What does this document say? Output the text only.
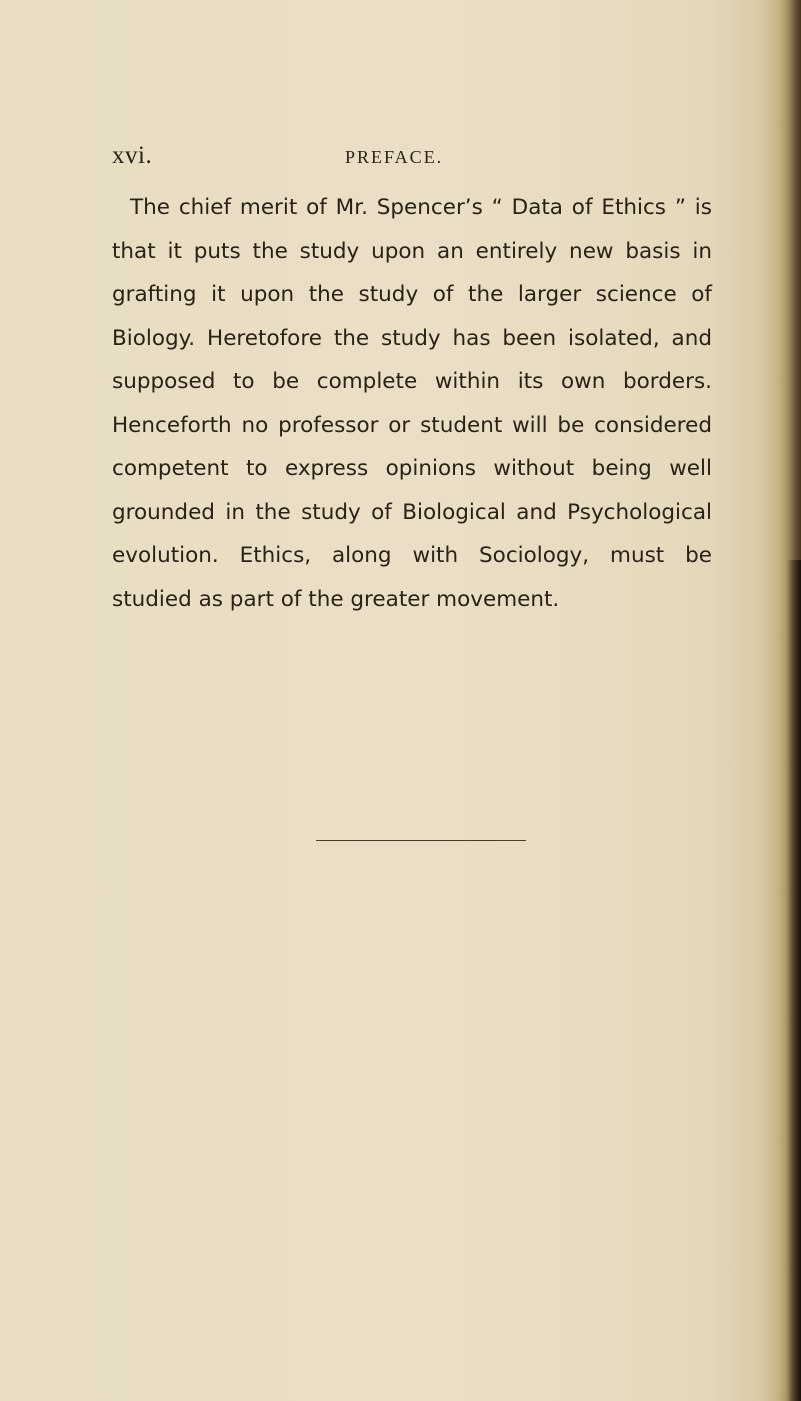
xvi.	PREFACE.

The chief merit of Mr. Spencer’s “ Data of Ethics ” is that it puts the study upon an entirely new basis in grafting it upon the study of the larger science of Biology. Heretofore the study has been isolated, and supposed to be complete within its own borders. Henceforth no professor or student will be considered competent to express opinions without being well grounded in the study of Biological and Psychological evolution. Ethics, along with Sociology, must be studied as part of the greater movement.
